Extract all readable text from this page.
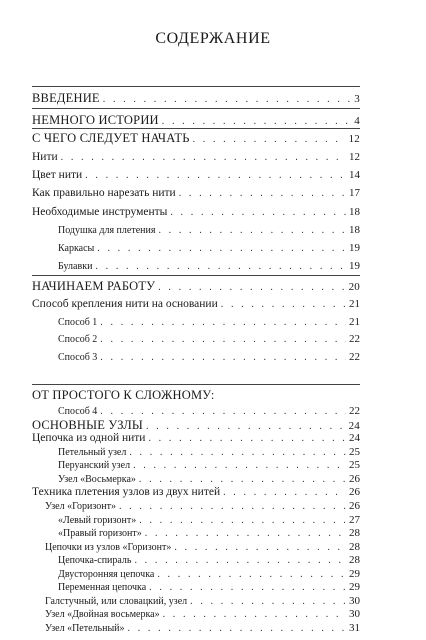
СОДЕРЖАНИЕ
ВВЕДЕНИЕ . . .	3
НЕМНОГО ИСТОРИИ . . .	4
С ЧЕГО СЛЕДУЕТ НАЧАТЬ . . .	12
Нити . . .	12
Цвет нити . . .	14
Как правильно нарезать нити . . .	17
Необходимые инструменты . . .	18
Подушка для плетения . . .	18
Каркасы . . .	19
Булавки . . .	19
НАЧИНАЕМ РАБОТУ . . .	20
Способ крепления нити на основании . . .	21
Способ 1 . . .	21
Способ 2 . . .	22
Способ 3 . . .	22
Способ 4 . . .	22
ОТ ПРОСТОГО К СЛОЖНОМУ:
ОСНОВНЫЕ УЗЛЫ . . .	24
Цепочка из одной нити . . .	24
Петельный узел . . .	25
Перуанский узел . . .	25
Узел «Восьмерка» . . .	26
Техника плетения узлов из двух нитей . . .	26
Узел «Горизонт» . . .	26
«Левый горизонт» . . .	27
«Правый горизонт» . . .	28
Цепочки из узлов «Горизонт» . . .	28
Цепочка-спираль . . .	28
Двусторонняя цепочка . . .	29
Переменная цепочка . . .	29
Галстучный, или словацкий, узел . . .	30
Узел «Двойная восьмерка» . . .	30
Узел «Петельный» . . .	31
